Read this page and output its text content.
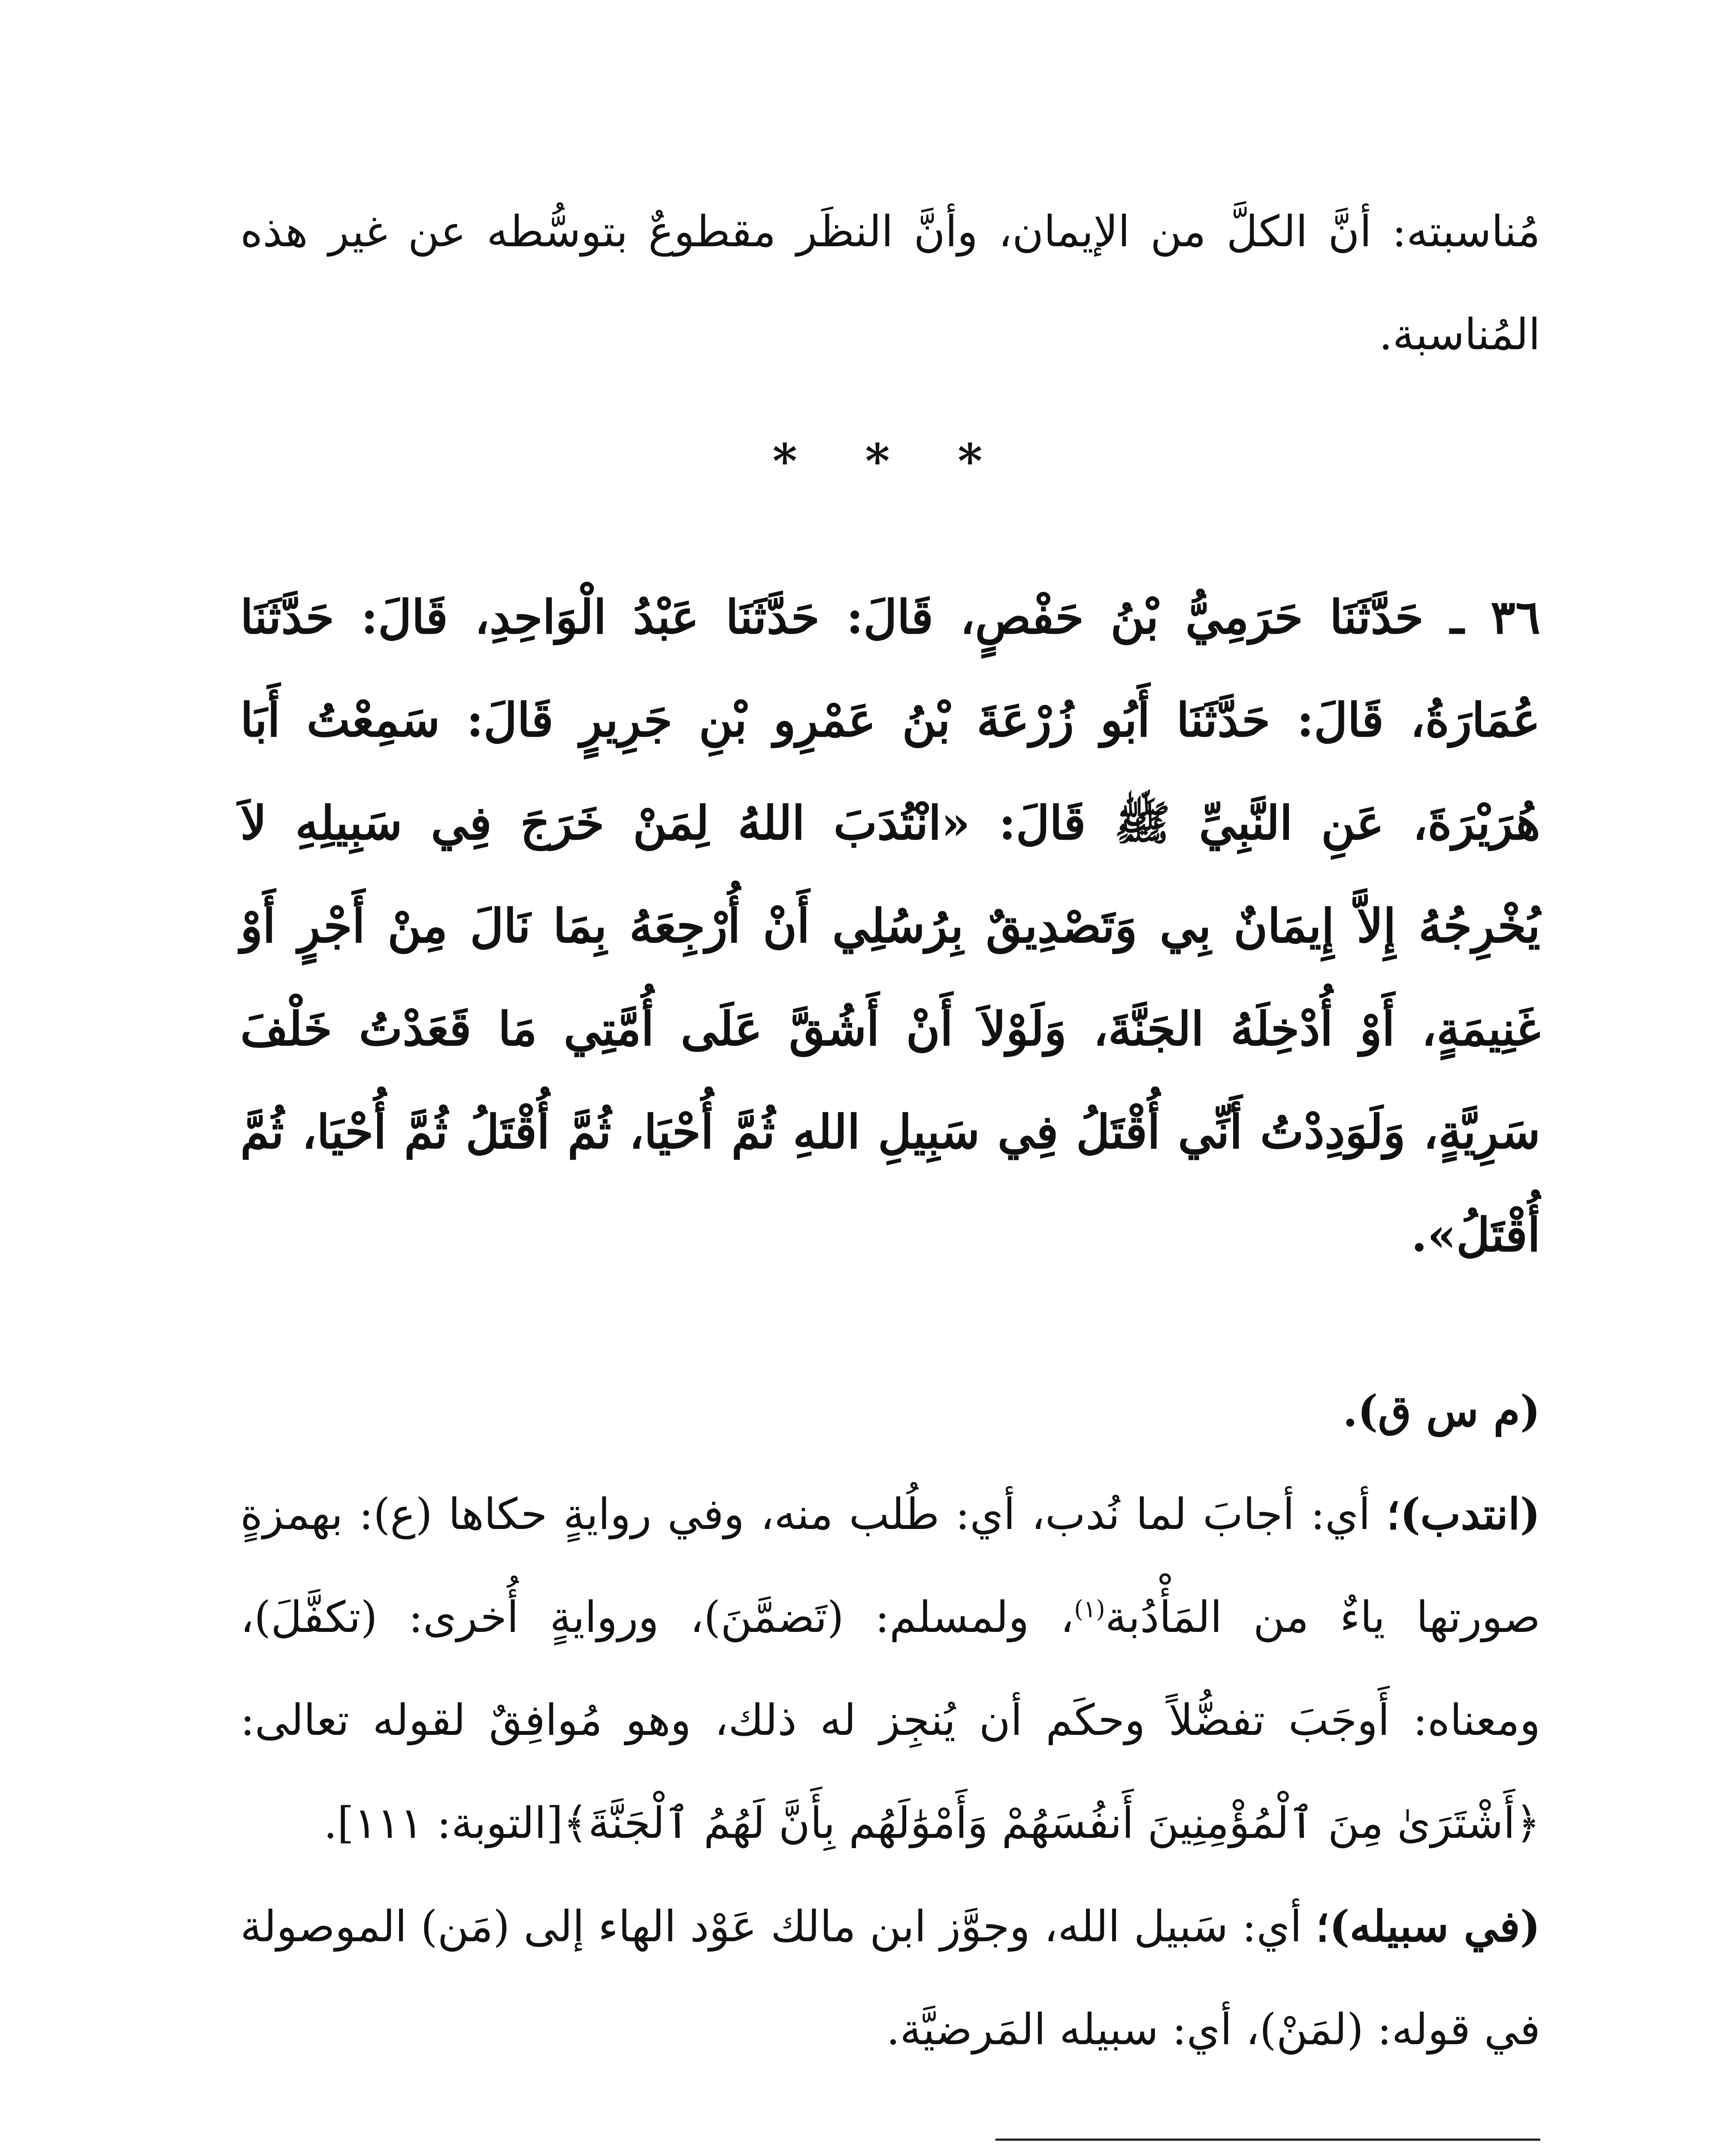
مُناسبته: أنَّ الكلَّ من الإيمان، وأنَّ النظَر مقطوعٌ بتوسُّطه عن غير هذه المُناسبة.

* * *

٣٦ ـ حَدَّثَنَا حَرَمِيُّ بْنُ حَفْصٍ، قَالَ: حَدَّثَنَا عَبْدُ الْوَاحِدِ، قَالَ: حَدَّثَنَا عُمَارَةُ، قَالَ: حَدَّثَنَا أَبُو زُرْعَةَ بْنُ عَمْرِو بْنِ جَرِيرٍ قَالَ: سَمِعْتُ أَبَا هُرَيْرَةَ، عَنِ النَّبِيِّ ﷺ قَالَ: «انْتُدَبَ اللهُ لِمَنْ خَرَجَ فِي سَبِيلِهِ لاَ يُخْرِجُهُ إِلاَّ إِيمَانٌ بِي وَتَصْدِيقٌ بِرُسُلِي أَنْ أُرْجِعَهُ بِمَا نَالَ مِنْ أَجْرٍ أَوْ غَنِيمَةٍ، أَوْ أُدْخِلَهُ الجَنَّةَ، وَلَوْلاَ أَنْ أَشُقَّ عَلَى أُمَّتِي مَا قَعَدْتُ خَلْفَ سَرِيَّةٍ، وَلَوَدِدْتُ أَنِّي أُقْتَلُ فِي سَبِيلِ اللهِ ثُمَّ أُحْيَا، ثُمَّ أُقْتَلُ ثُمَّ أُحْيَا، ثُمَّ أُقْتَلُ».

(م س ق).

(انتدب)؛ أي: أجابَ لما نُدب، أي: طُلب منه، وفي روايةٍ حكاها (ع): بهمزةٍ صورتها ياءٌ من المَأْدُبة$^{(١)}$، ولمسلم: (تَضمَّنَ)، وروايةٍ أُخرى: (تكفَّلَ)، ومعناه: أَوجَبَ تفضُّلاً وحكَم أن يُنجِز له ذلك، وهو مُوافِقٌ لقوله تعالى: ﴿أَشْتَرَىٰ مِنَ ٱلْمُؤْمِنِينَ أَنفُسَهُمْ وَأَمْوَٰلَهُم بِأَنَّ لَهُمُ ٱلْجَنَّةَ﴾[التوبة: ١١١].

(في سبيله)؛ أي: سَبيل الله، وجوَّز ابن مالك عَوْد الهاء إلى (مَن) الموصولة في قوله: (لمَنْ)، أي: سبيله المَرضيَّة.
